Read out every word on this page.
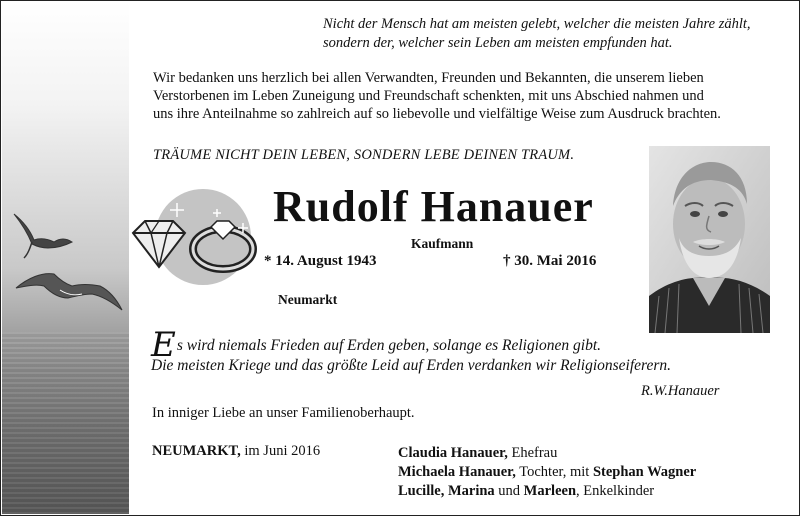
Nicht der Mensch hat am meisten gelebt, welcher die meisten Jahre zählt,
sondern der, welcher sein Leben am meisten empfunden hat.
Wir bedanken uns herzlich bei allen Verwandten, Freunden und Bekannten, die unserem lieben
Verstorbenen im Leben Zuneigung und Freundschaft schenkten, mit uns Abschied nahmen und
uns ihre Anteilnahme so zahlreich auf so liebevolle und vielfältige Weise zum Ausdruck brachten.
TRÄUME NICHT DEIN LEBEN, SONDERN LEBE DEINEN TRAUM.
Rudolf Hanauer
Kaufmann
* 14. August 1943	† 30. Mai 2016
Neumarkt
Es wird niemals Frieden auf Erden geben, solange es Religionen gibt.
Die meisten Kriege und das größte Leid auf Erden verdanken wir Religionseiferern.
R.W.Hanauer
In inniger Liebe an unser Familienoberhaupt.
NEUMARKT, im Juni 2016	Claudia Hanauer, Ehefrau
Michaela Hanauer, Tochter, mit Stephan Wagner
Lucille, Marina und Marleen, Enkelkinder
